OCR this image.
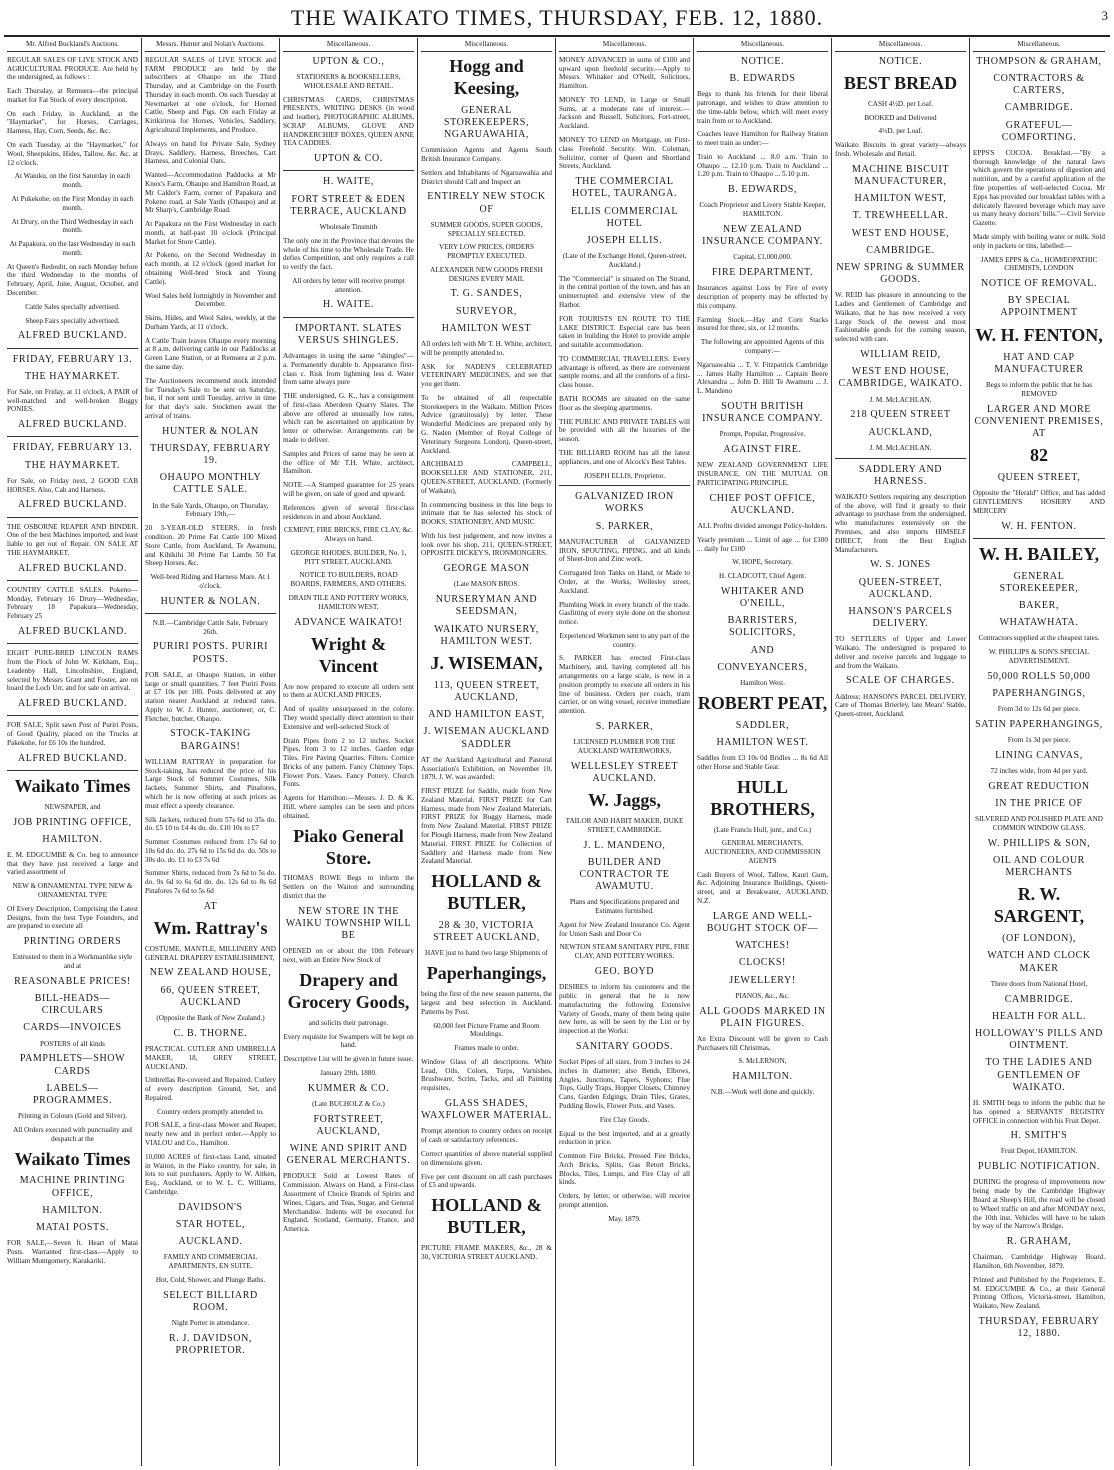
THE WAIKATO TIMES, THURSDAY, FEB. 12, 1880.	3
Mr. Alfred Buckland's Auctions.
REGULAR SALES OF LIVE STOCK AND AGRICULTURAL PRODUCE. Are held by the undersigned, as follows :
Each Thursday, at Remuera—the principal market for Fat Stock of every description.
On each Friday, in Auckland, at the "Haymarket", for Horses, Carriages, Harness, Hay, Corn, Seeds, &c. &c.
On each Tuesday, at the "Haymarket," for Wool, Sheepskins, Hides, Tallow, &c. &c. at 12 o'clock.
At Waiuku, on the first Saturday in each month.
At Pukekohe, on the First Monday in each month.
At Drury, on the Third Wednesday in each month.
At Papakura, on the last Wednesday in each month.
At Queen's Redoubt, on each Monday before the third Wednesday in the months of February, April, June, August, October, and December.
Cattle Sales specially advertised.
Sheep Fairs specially advertised.
ALFRED BUCKLAND.
FRIDAY, FEBRUARY 13.
THE HAYMARKET.
For Sale, on Friday, at 11 o'clock, A PAIR of well-matched and well-broken Buggy PONIES.
ALFRED BUCKLAND.
FRIDAY, FEBRUARY 13.
THE HAYMARKET.
For Sale, on Friday next, 2 GOOD CAB HORSES. Also, Cab and Harness.
ALFRED BUCKLAND.
THE OSBORNE REAPER AND BINDER. One of the best Machines imported, and least liable to get out of Repair. ON SALE AT THE HAYMARKET.
ALFRED BUCKLAND.
COUNTRY CATTLE SALES. Pokeno—Monday, February 16 Drury—Wednesday, February 18 Papakura—Wednesday, February 25
ALFRED BUCKLAND.
EIGHT PURE-BRED LINCOLN RAMS from the Flock of John W. Kirkham, Esq., Leadenby Hall, Lincolnshire, England, selected by Messrs Grant and Foster, are on board the Loch Urr, and for sale on arrival.
ALFRED BUCKLAND.
FOR SALE, Split sawn Post of Puriri Posts, of Good Quality, placed on the Trucks at Pakekohe, for £6 10s the hundred.
ALFRED BUCKLAND.
Waikato Times
NEWSPAPER, and
JOB PRINTING OFFICE,
HAMILTON.
E. M. EDGCUMBE & Co. beg to announce that they have just received a large and varied assortment of
NEW & ORNAMENTAL TYPE NEW & ORNAMENTAL TYPE
Of Every Description, Comprising the Latest Designs, from the best Type Founders, and are prepared to execute all
PRINTING ORDERS
Entrusted to them in a Workmanlike style and at
REASONABLE PRICES!
BILL-HEADS—CIRCULARS
CARDS—INVOICES
POSTERS of all kinds
PAMPHLETS—SHOW CARDS
LABELS—PROGRAMMES.
Printing in Colours (Gold and Silver).
All Orders executed with punctuality and despatch at the
Waikato Times
MACHINE PRINTING OFFICE,
HAMILTON.
MATAI POSTS.
FOR SALE,—Seven ft. Heart of Matai Posts. Warranted first-class.—Apply to William Montgomery, Karakariki.
Messrs. Hunter and Nolan's Auctions.
REGULAR SALES of LIVE STOCK and FARM PRODUCE are held by the subscribers at Ohaupo on the Third Thursday, and at Cambridge on the Fourth Thursday in each month. On each Tuesday at Newmarket at one o'clock, for Horned Cattle, Sheep and Pigs. On each Friday at Kirikiriroa for Horses, Vehicles, Saddlery, Agricultural Implements, and Produce.
Always on hand for Private Sale, Sydney Drays, Saddlery, Harness, Breeches, Cart Harness, and Colonial Oats.
Wanted—Accommodation Paddocks at Mr Knox's Farm, Ohaupo and Hamilton Road, at Mr Calder's Farm, corner of Papakura and Pokeno road, at Sale Yards (Ohaupo) and at Mr Sharp's, Cambridge Road.
At Papakura on the First Wednesday in each month, at half-past 10 o'clock (Principal Market for Store Cattle).
At Pokeno, on the Second Wednesday in each month, at 12 o'clock (good market for obtaining Well-bred Stock and Young Cattle).
Wool Sales held fortnightly in November and December.
Skins, Hides, and Wool Sales, weekly, at the Durham Yards, at 11 o'clock.
A Cattle Train leaves Ohaupo every morning at 8 a.m. delivering cattle in our Paddocks at Green Lane Station, or at Remuera at 2 p.m. the same day.
The Auctioneers recommend stock intended for Tuesday's Sale to be sent on Saturday, but, if not sent until Tuesday, arrive in time for that day's sale. Stockmen await the arrival of trains.
HUNTER & NOLAN
THURSDAY, FEBRUARY 19.
OHAUPO MONTHLY CATTLE SALE.
In the Sale Yards, Ohaupo, on Thursday, February 19th,—
20 3-YEAR-OLD STEERS, in fresh condition. 20 Prime Fat Cattle 100 Mixed Store Cattle, from Auckland, Te Awamutu, and Kihikihi 30 Prime Fat Lambs 50 Fat Sheep Horses, &c.
Well-bred Riding and Harness Mare. At 1 o'clock.
HUNTER & NOLAN.
N.B.—Cambridge Cattle Sale, February 26th.
PURIRI POSTS. PURIRI POSTS.
FOR SALE, at Ohaupo Station, in either large or small quantities, 7 feet Puriri Posts at £7 10s per 100. Posts delivered at any station nearer Auckland at reduced rates. Apply to W. J. Hunter, auctioneer; or, C. Fletcher, butcher, Ohaupo.
STOCK-TAKING BARGAINS!
WILLIAM RATTRAY in preparation for Stock-taking, has reduced the price of his Large Stock of Summer Costumes, Silk Jackets, Summer Shirts, and Pinafores, which he is now offering at such prices as must effect a speedy clearance.
Silk Jackets, reduced from 57s 6d to 35s do. do. £5 10 to £4 4s do. do. £10 10s to £7
Summer Costumes reduced from 17s 6d to 10s 6d do. do. 27s 6d to 15s 6d do. do. 50s to 30s do. do. £1 to £3 7s 6d
Summer Shirts, reduced from 7s 6d to 5s do. do. 9s 6d to 6s 6d do. do. 12s 6d to 8s 6d Pinafores 7s 6d to 5s 6d
AT
Wm. Rattray's
COSTUME, MANTLE, MILLINERY AND GENERAL DRAPERY ESTABLISHMENT,
NEW ZEALAND HOUSE,
66, QUEEN STREET, AUCKLAND
(Opposite the Bank of New Zealand.)
C. B. THORNE.
PRACTICAL CUTLER AND UMBRELLA MAKER, 18, GREY STREET, AUCKLAND.
Umbrellas Re-covered and Repaired. Cutlery of every description Ground, Set, and Repaired.
Country orders promptly attended to.
FOR SALE, a first-class Mower and Reaper, nearly new and in perfect order.—Apply to VIALOU and Co., Hamilton.
10,000 ACRES of first-class Land, situated in Waiton, in the Piako country, for sale, in lots to suit purchasers. Apply to W. Aitken, Esq., Auckland, or to W. L. C. Williams, Cambridge.
DAVIDSON'S
STAR HOTEL,
AUCKLAND.
FAMILY AND COMMERCIAL APARTMENTS, EN SUITE.
Hot, Cold, Shower, and Plunge Baths.
SELECT BILLIARD ROOM.
Night Porter in attendance.
R. J. DAVIDSON, PROPRIETOR.
Miscellaneous.
UPTON & CO.,
STATIONERS & BOOKSELLERS, WHOLESALE AND RETAIL.
CHRISTMAS CARDS, CHRISTMAS PRESENTS, WRITING DESKS (in wood and leather), PHOTOGRAPHIC ALBUMS, SCRAP ALBUMS, GLOVE AND HANDKERCHIEF BOXES, QUEEN ANNE TEA CADDIES.
UPTON & CO.
H. WAITE,
FORT STREET & EDEN TERRACE, AUCKLAND
Wholesale Tinsmith
The only one in the Province that devotes the whole of his time to the Wholesale Trade. He defies Competition, and only requires a call to verify the fact.
All orders by letter will receive prompt attention.
H. WAITE.
IMPORTANT. SLATES VERSUS SHINGLES.
Advantages in using the same "shingles"— a. Permanently durable b. Appearance first-class c. Risk from lightning less d. Water from same always pure
THE undersigned, G. K., has a consignment of first-class Aberdeen Quarry Slates. The above are offered at unusually low rates, which can be ascertained on application by letter or otherwise. Arrangements can be made to deliver.
Samples and Prices of same may be seen at the office of Mr T.H. White, architect, Hamilton.
NOTE.—A Stamped guarantee for 25 years will be given, on sale of good and upward.
References given of several first-class residences in and about Auckland.
CEMENT, FIRE BRICKS, FIRE CLAY, &c. Always on hand.
GEORGE RHODES, BUILDER, No. 1, PITT STREET, AUCKLAND.
NOTICE TO BUILDERS, ROAD BOARDS, FARMERS, AND OTHERS.
DRAIN TILE AND POTTERY WORKS, HAMILTON WEST.
ADVANCE WAIKATO!
Wright & Vincent
Are now prepared to execute all orders sent to them at AUCKLAND PRICES,
And of quality unsurpassed in the colony. They would specially direct attention to their Extensive and well-selected Stock of
Drain Pipes from 2 to 12 inches. Socket Pipes, from 3 to 12 inches. Garden edge Tiles. Fire Paving Quarries. Filters. Cornice Bricks of any pattern. Fancy Chimney Tops. Flower Pots. Vases. Fancy Pottery. Church Fonts.
Agents for Hamilton:—Messrs. J. D. & K. Hill, where samples can be seen and prices obtained.
Piako General Store.
THOMAS ROWE Begs to inform the Settlers on the Waiton and surrounding district that the
NEW STORE IN THE WAIKU TOWNSHIP WILL BE
OPENED on or about the 10th February next, with an Entire New Stock of
Drapery and Grocery Goods,
and solicits their patronage.
Every requisite for Swampers will be kept on hand.
Descriptive List will be given in future issue.
January 29th, 1880.
KUMMER & CO.
(Late BUCHOLZ & Co.)
FORTSTREET, AUCKLAND,
WINE AND SPIRIT AND GENERAL MERCHANTS.
PRODUCE Sold at Lowest Rates of Commission. Always on Hand, a First-class Assortment of Choice Brands of Spirits and Wines, Cigars, and Teas, Sugar, and General Merchandise. Indents will be executed for England, Scotland, Germany, France, and America.
Miscellaneous.
Hogg and Keesing,
GENERAL STOREKEEPERS, NGARUAWAHIA,
Commission Agents and Agents South British Insurance Company.
Settlers and Inhabitants of Ngaruawahia and District should Call and Inspect an
ENTIRELY NEW STOCK OF
SUMMER GOODS, SUPER GOODS, SPECIALLY SELECTED.
VERY LOW PRICES, ORDERS PROMPTLY EXECUTED.
ALEXANDER NEW GOODS FRESH DESIGNS EVERY MAIL
T. G. SANDES,
SURVEYOR,
HAMILTON WEST
All orders left with Mr T. H. White, architect, will be promptly attended to.
ASK for NADEN'S CELEBRATED VETERINARY MEDICINES, and see that you get them.
To be obtained of all respectable Storekeepers in the Waikato. Million Prices Advice (gratuitously) by letter. These Wonderful Medicines are prepared only by G. Naden (Member of Royal College of Veterinary Surgeons London), Queen-street, Auckland.
ARCHIBALD CAMPBELL, BOOKSELLER AND STATIONER, 211, QUEEN-STREET, AUCKLAND, (Formerly of Waikato),
In commencing business in this line begs to intimate that he has selected his stock of BOOKS, STATIONERY, AND MUSIC
With his best judgement, and now invites a look over his shop, 211, QUEEN-STREET, OPPOSITE DICKEY'S, IRONMONGERS.
GEORGE MASON
(Late MASON BROS.
NURSERYMAN AND SEEDSMAN,
WAIKATO NURSERY, HAMILTON WEST.
J. WISEMAN,
113, QUEEN STREET, AUCKLAND,
AND HAMILTON EAST,
J. WISEMAN AUCKLAND SADDLER
AT the Auckland Agricultural and Pastoral Association's Exhibition, on November 10, 1879, J. W. was awarded:
FIRST PRIZE for Saddle, made from New Zealand Material. FIRST PRIZE for Cart Harness, made from New Zealand Materials. FIRST PRIZE for Buggy Harness, made from New Zealand Material. FIRST PRIZE for Plough Harness, made from New Zealand Material. FIRST PRIZE for Collection of Saddlery and Harness made from New Zealand Material.
HOLLAND & BUTLER,
28 & 30, VICTORIA STREET AUCKLAND,
HAVE just to hand two large Shipments of
Paperhangings,
being the first of the new season patterns, the largest and best selection in Auckland. Patterns by Post.
60,000 feet Picture Frame and Room Mouldings.
Frames made to order.
Window Glass of all descriptions. White Lead, Oils, Colors, Turps, Varnishes, Brushware, Scrim, Tacks, and all Painting requisites.
GLASS SHADES, WAXFLOWER MATERIAL.
Prompt attention to country orders on receipt of cash or satisfactory references.
Correct quantities of above material supplied on dimensions given.
Five per cent discount on all cash purchases of £5 and upwards.
HOLLAND & BUTLER,
PICTURE FRAME MAKERS, &c., 28 & 30, VICTORIA STREET AUCKLAND.
Miscellaneous.
MONEY ADVANCED in sums of £100 and upward upon freehold security.—Apply to Messrs. Whitaker and O'Neill, Solicitors, Hamilton.
MONEY TO LEND, in Large or Small Sums, at a moderate rate of interest.—Jackson and Russell, Solicitors, Fort-street, Auckland.
MONEY TO LEND on Mortgage, on First-class Freehold Security. Wm. Coleman, Solicitor, corner of Queen and Shortland Streets, Auckland.
THE COMMERCIAL HOTEL, TAURANGA.
ELLIS COMMERCIAL HOTEL
JOSEPH ELLIS.
(Late of the Exchange Hotel, Queen-street, Auckland.)
The "Commercial" is situated on The Strand, in the central portion of the town, and has an uninterrupted and extensive view of the Harbor.
FOR TOURISTS EN ROUTE TO THE LAKE DISTRICT. Especial care has been taken in building the Hotel to provide ample and suitable accommodation.
TO COMMERCIAL TRAVELLERS. Every advantage is offered, as there are convenient sample rooms, and all the comforts of a first-class house.
BATH ROOMS are situated on the same floor as the sleeping apartments.
THE PUBLIC AND PRIVATE TABLES will be provided with all the luxuries of the season.
THE BILLIARD ROOM has all the latest appliances, and one of Alcock's Best Tables.
JOSEPH ELLIS, Proprietor.
GALVANIZED IRON WORKS
S. PARKER,
MANUFACTURER of GALVANIZED IRON, SPOUTING, PIPING, and all kinds of Sheet-Iron and Zinc work.
Corrugated Iron Tanks on Hand, or Made to Order, at the Works, Wellesley street, Auckland.
Plumbing Work in every branch of the trade. Gasfitting of every style done on the shortest notice.
Experienced Workmen sent to any part of the country.
S. PARKER has erected First-class Machinery, and, having completed all his arrangements on a large scale, is now in a position promptly to execute all orders in his line of business. Orders per coach, tram carrier, or on wing vessel, receive immediate attention.
S. PARKER,
LICENSED PLUMBER FOR THE AUCKLAND WATERWORKS,
WELLESLEY STREET AUCKLAND.
W. Jaggs,
TAILOR AND HABIT MAKER, DUKE STREET, CAMBRIDGE.
J. L. MANDENO,
BUILDER AND CONTRACTOR TE AWAMUTU.
Plans and Specifications prepared and Estimates furnished.
Agent for New Zealand Insurance Co. Agent for Union Sash and Door Co
NEWTON STEAM SANITARY PIPE, FIRE CLAY, AND POTTERY WORKS.
GEO. BOYD
DESIRES to inform his customers and the public in general that he is now manufacturing the following Extensive Variety of Goods, many of them being quite new here, as will be seen by the List or by inspection at the Works:
SANITARY GOODS.
Socket Pipes of all sizes, from 3 inches to 24 inches in diameter; also Bends, Elbows, Angles, Junctions, Tapers, Syphons; Flue Tops, Gully Traps, Hopper Closets, Chimney Cans, Garden Edgings, Drain Tiles, Grates, Pudding Bowls, Flower Pots, and Vases.
Fire Clay Goods.
Equal to the best imported, and at a greatly reduction in price.
Common Fire Bricks, Pressed Fire Bricks, Arch Bricks, Splits, Gas Retort Bricks, Blocks, Tiles, Lumps, and Fire Clay of all kinds.
Orders, by letter, or otherwise, will receive prompt attention.
May, 1879.
Miscellaneous.
NOTICE.
B. EDWARDS
Begs to thank his friends for their liberal patronage, and wishes to draw attention to the time-table below, which will meet every train from or to Auckland.
Coaches leave Hamilton for Railway Station to meet train as under:—
Train to Auckland ... 8.0 a.m. Train to Ohaupo ... 12.10 p.m. Train to Auckland ... 1.20 p.m. Train to Ohaupo ... 5.10 p.m.
B. EDWARDS,
Coach Proprietor and Livery Stable Keeper, HAMILTON.
NEW ZEALAND INSURANCE COMPANY.
Capital, £1,000,000.
FIRE DEPARTMENT.
Insurances against Loss by Fire of every description of property may be effected by this company.
Farming Stock.—Hay and Corn Stacks insured for three, six, or 12 months.
The following are appointed Agents of this company:—
Ngaruawahia ... T. V. Fitzpatrick Cambridge ... James Hally Hamilton ... Captain Beere Alexandra ... John D. Hill Te Awamutu ... J. L. Mandeno
SOUTH BRITISH INSURANCE COMPANY.
Prompt, Popular, Progressive.
AGAINST FIRE.
NEW ZEALAND GOVERNMENT LIFE INSURANCE, ON THE MUTUAL OR PARTICIPATING PRINCIPLE.
CHIEF POST OFFICE, AUCKLAND.
ALL Profits divided amongst Policy-holders.
Yearly premium ... Limit of age ... for £100 ... daily for £100
W. HOPE, Secretary.
H. CLADCOTT, Chief Agent.
WHITAKER AND O'NEILL,
BARRISTERS, SOLICITORS,
AND
CONVEYANCERS,
Hamilton West.
ROBERT PEAT,
SADDLER,
HAMILTON WEST.
Saddles from £3 10s 0d Bridles ... 8s 6d All other Horse and Stable Gear.
HULL BROTHERS,
(Late Francis Hull, junr., and Co.)
GENERAL MERCHANTS, AUCTIONEERS, AND COMMISSION AGENTS
Cash Buyers of Wool, Tallow, Kauri Gum, &c. Adjoining Insurance Buildings, Queen-street, and at Breakwater, AUCKLAND, N.Z.
LARGE AND WELL-BOUGHT STOCK OF—
WATCHES!
CLOCKS!
JEWELLERY!
PIANOS, &c., &c.
ALL GOODS MARKED IN PLAIN FIGURES.
An Extra Discount will be given to Cash Purchasers till Christmas.
S. McLERNON,
HAMILTON.
N.B.—Work well done and quickly.
Miscellaneous.
NOTICE.
BEST BREAD
CASH 4½D. per Loaf.
BOOKED and Delivered
4½D. per Loaf.
Waikato Biscuits in great variety—always fresh. Wholesale and Retail.
MACHINE BISCUIT MANUFACTURER,
HAMILTON WEST,
T. TREWHEELLAR.
WEST END HOUSE,
CAMBRIDGE.
NEW SPRING & SUMMER GOODS.
W. REID has pleasure in announcing to the Ladies and Gentlemen of Cambridge and Waikato, that he has now received a very Large Stock of the newest and most Fashionable goods for the coming season, selected with care.
WILLIAM REID,
WEST END HOUSE, CAMBRIDGE, WAIKATO.
J. M. McLACHLAN,
218 QUEEN STREET
AUCKLAND,
J. M. McLACHLAN.
SADDLERY AND HARNESS.
WAIKATO Settlers requiring any description of the above, will find it greatly to their advantage to purchase from the undersigned, who manufactures extensively on the Premises, and also imports HIMSELF DIRECT, from the Best English Manufacturers.
W. S. JONES
QUEEN-STREET, AUCKLAND.
HANSON'S PARCELS DELIVERY.
TO SETTLERS of Upper and Lower Waikato. The undersigned is prepared to deliver and receive parcels and luggage to and from the Waikato.
SCALE OF CHARGES.
Address: HANSON'S PARCEL DELIVERY, Care of Thomas Brierley, late Mears' Stable, Queen-street, Auckland.
Miscellaneous.
THOMPSON & GRAHAM,
CONTRACTORS & CARTERS,
CAMBRIDGE.
GRATEFUL—COMFORTING.
EPPS'S COCOA. Breakfast.—"By a thorough knowledge of the natural laws which govern the operations of digestion and nutrition, and by a careful application of the fine properties of well-selected Cocoa, Mr Epps has provided our breakfast tables with a delicately flavored beverage which may save us many heavy doctors' bills."—Civil Service Gazette.
Made simply with boiling water or milk. Sold only in packets or tins, labelled:—
JAMES EPPS & Co., HOMŒOPATHIC CHEMISTS, LONDON
NOTICE OF REMOVAL.
BY SPECIAL APPOINTMENT
W. H. FENTON,
HAT AND CAP MANUFACTURER
Begs to inform the public that he has REMOVED
LARGER AND MORE CONVENIENT PREMISES, AT
82
QUEEN STREET,
Opposite the "Herald" Office, and has added GENTLEMEN'S HOSIERY AND MERCERY
W. H. FENTON.
W. H. BAILEY,
GENERAL STOREKEEPER,
BAKER,
WHATAWHATA.
Contractors supplied at the cheapest rates.
W. PHILLIPS & SON'S SPECIAL ADVERTISEMENT.
50,000 ROLLS 50,000
PAPERHANGINGS,
From 3d to 12s 6d per piece.
SATIN PAPERHANGINGS,
From 1s 3d per piece.
LINING CANVAS,
72 inches wide, from 4d per yard.
GREAT REDUCTION
IN THE PRICE OF
SILVERED AND POLISHED PLATE AND COMMON WINDOW GLASS.
W. PHILLIPS & SON,
OIL AND COLOUR MERCHANTS
R. W. SARGENT,
(OF LONDON),
WATCH AND CLOCK MAKER
Three doors from National Hotel,
CAMBRIDGE.
HEALTH FOR ALL.
HOLLOWAY'S PILLS AND OINTMENT.
TO THE LADIES AND GENTLEMEN OF WAIKATO.
H. SMITH begs to inform the public that he has opened a SERVANTS' REGISTRY OFFICE in connection with his Fruit Depot.
H. SMITH'S
Fruit Depot, HAMILTON.
PUBLIC NOTIFICATION.
DURING the progress of improvements now being made by the Cambridge Highway Board at Sheep's Hill, the road will be closed to Wheel traffic on and after MONDAY next, the 10th inst. Vehicles will have to be taken by way of the Narrow's Bridge.
R. GRAHAM,
Chairman, Cambridge Highway Board. Hamilton, 6th November, 1879.
Printed and Published by the Proprietors, E. M. EDGCUMBE & Co., at their General Printing Offices, Victoria-street, Hamilton, Waikato, New Zealand.
THURSDAY, FEBRUARY 12, 1880.
